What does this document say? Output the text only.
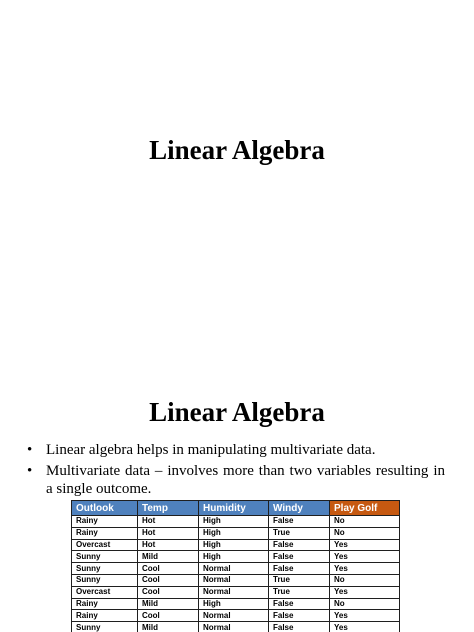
Linear Algebra
Linear Algebra
• Linear algebra helps in manipulating multivariate data.
• Multivariate data – involves more than two variables resulting in a single outcome.
Outlook	Temp	Humidity	Windy	Play Golf
Rainy	Hot	High	False	No
Rainy	Hot	High	True	No
Overcast	Hot	High	False	Yes
Sunny	Mild	High	False	Yes
Sunny	Cool	Normal	False	Yes
Sunny	Cool	Normal	True	No
Overcast	Cool	Normal	True	Yes
Rainy	Mild	High	False	No
Rainy	Cool	Normal	False	Yes
Sunny	Mild	Normal	False	Yes
